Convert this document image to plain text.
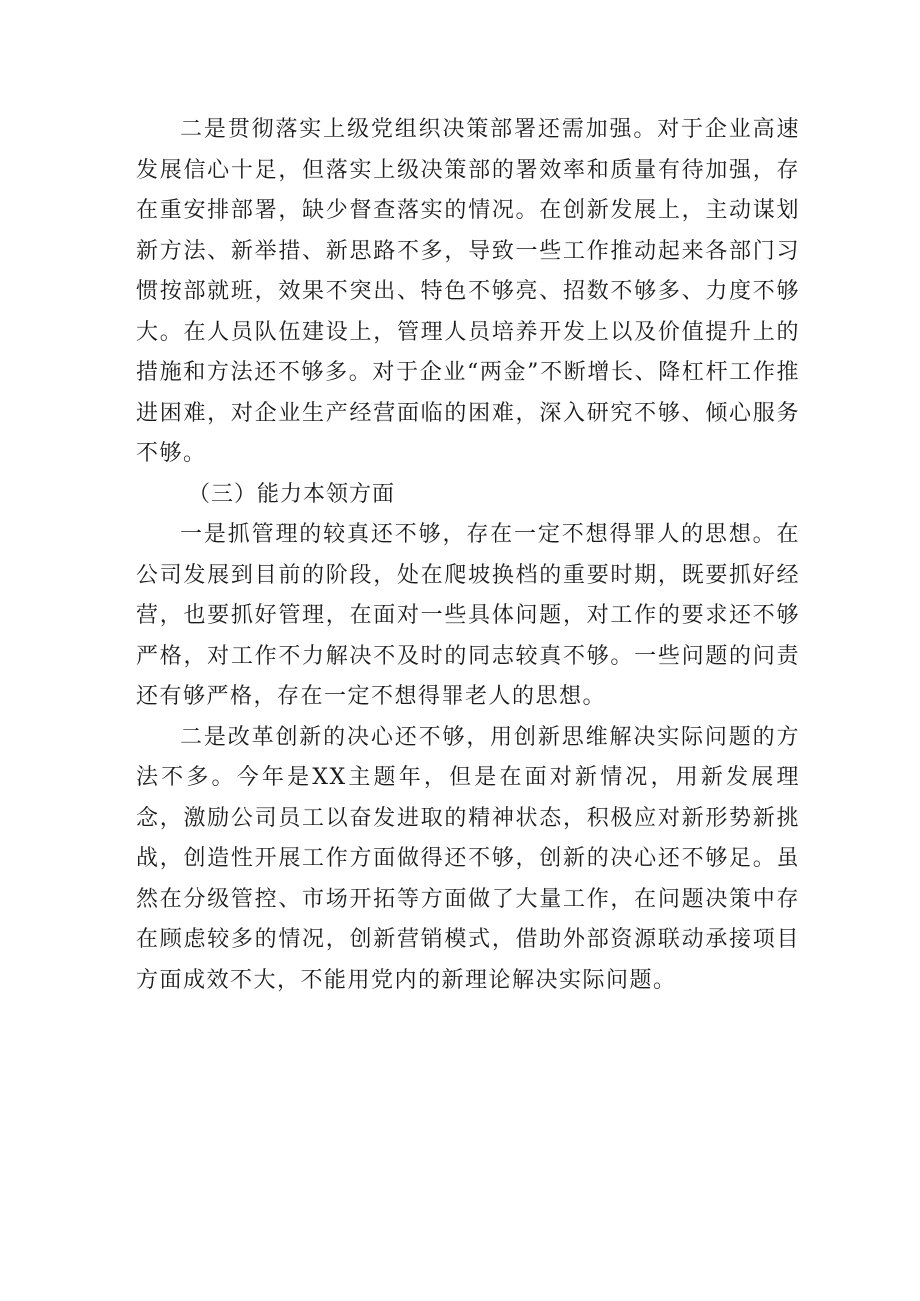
二是贯彻落实上级党组织决策部署还需加强。对于企业高速发展信心十足，但落实上级决策部的署效率和质量有待加强，存在重安排部署，缺少督查落实的情况。在创新发展上，主动谋划新方法、新举措、新思路不多，导致一些工作推动起来各部门习惯按部就班，效果不突出、特色不够亮、招数不够多、力度不够大。在人员队伍建设上，管理人员培养开发上以及价值提升上的措施和方法还不够多。对于企业“两金”不断增长、降杠杆工作推进困难，对企业生产经营面临的困难，深入研究不够、倾心服务不够。

（三）能力本领方面

一是抓管理的较真还不够，存在一定不想得罪人的思想。在公司发展到目前的阶段，处在爬坡换档的重要时期，既要抓好经营，也要抓好管理，在面对一些具体问题，对工作的要求还不够严格，对工作不力解决不及时的同志较真不够。一些问题的问责还有够严格，存在一定不想得罪老人的思想。

二是改革创新的决心还不够，用创新思维解决实际问题的方法不多。今年是XX主题年，但是在面对新情况，用新发展理念，激励公司员工以奋发进取的精神状态，积极应对新形势新挑战，创造性开展工作方面做得还不够，创新的决心还不够足。虽然在分级管控、市场开拓等方面做了大量工作，在问题决策中存在顾虑较多的情况，创新营销模式，借助外部资源联动承接项目方面成效不大，不能用党内的新理论解决实际问题。
